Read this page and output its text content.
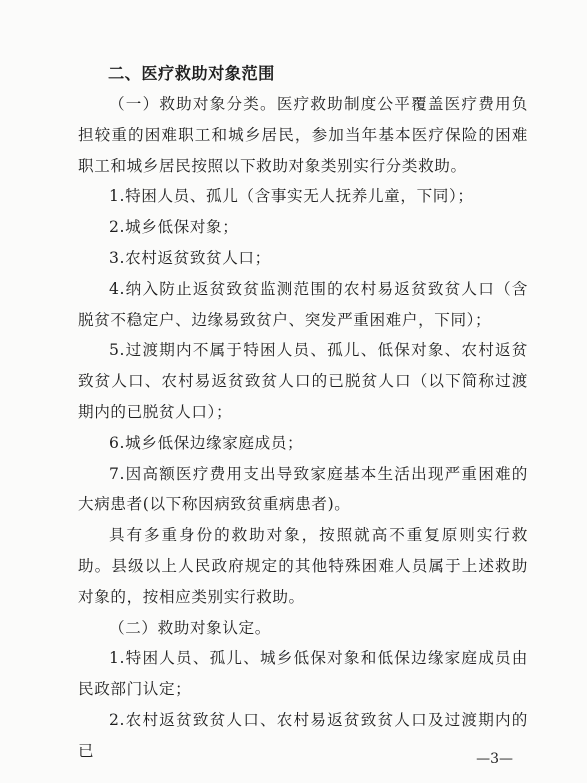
二、医疗救助对象范围

（一）救助对象分类。医疗救助制度公平覆盖医疗费用负担较重的困难职工和城乡居民，参加当年基本医疗保险的困难职工和城乡居民按照以下救助对象类别实行分类救助。

1.特困人员、孤儿（含事实无人抚养儿童，下同）；

2.城乡低保对象；

3.农村返贫致贫人口；

4.纳入防止返贫致贫监测范围的农村易返贫致贫人口（含脱贫不稳定户、边缘易致贫户、突发严重困难户，下同）；

5.过渡期内不属于特困人员、孤儿、低保对象、农村返贫致贫人口、农村易返贫致贫人口的已脱贫人口（以下简称过渡期内的已脱贫人口）；

6.城乡低保边缘家庭成员；

7.因高额医疗费用支出导致家庭基本生活出现严重困难的大病患者(以下称因病致贫重病患者)。

具有多重身份的救助对象，按照就高不重复原则实行救助。县级以上人民政府规定的其他特殊困难人员属于上述救助对象的，按相应类别实行救助。

（二）救助对象认定。

1.特困人员、孤儿、城乡低保对象和低保边缘家庭成员由民政部门认定；

2.农村返贫致贫人口、农村易返贫致贫人口及过渡期内的已	—3—
